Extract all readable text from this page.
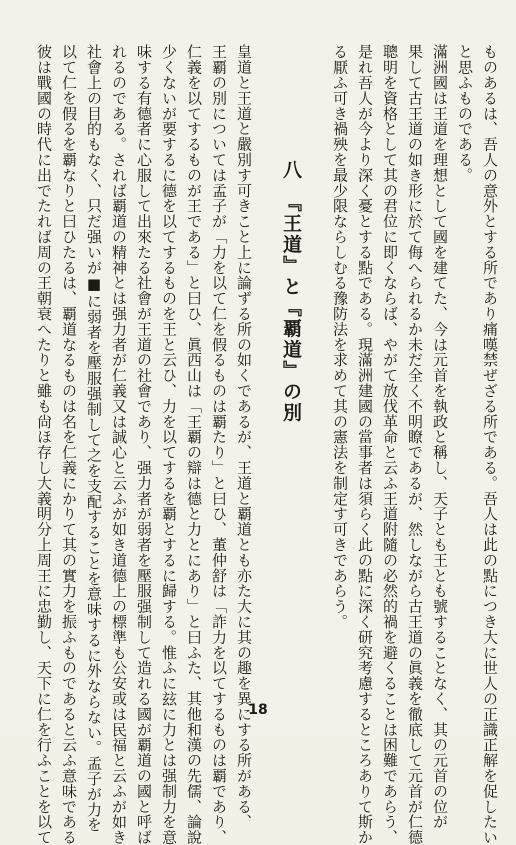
ものあるは、吾人の意外とする所であり痛嘆禁ぜざる所である。吾人は此の點につき大に世人の正識正解を促したい
と思ふものである。
滿洲國は王道を理想として國を建てた、今は元首を執政と稱し、天子とも王とも號することなく、其の元首の位が
果して古王道の如き形に於て侮へられるか未だ全く不明瞭であるが、然しながら古王道の眞義を徹底して元首が仁德
聰明を資格として其の君位に即くならば、やがて放伐革命と云ふ王道附隨の必然的禍を避くることは困難であらう、
是れ吾人が今より深く憂とする點である。現滿洲建國の當事者は須らく此の點に深く研究考慮するところありて斯か
る厭ふ可き禍殃を最少限ならしむる豫防法を求めて其の憲法を制定す可きであらう。
八　『王道』と『覇道』の別
皇道と王道と嚴別す可きこと上に論ずる所の如くであるが、王道と覇道とも亦た大に其の趣を異にする所がある、
王覇の別については孟子が「力を以て仁を假るものは覇たり」と曰ひ、董仲舒は「詐力を以てするものは覇であり、
仁義を以てするものが王である」と曰ひ、眞西山は「王覇の辯は德と力とにあり」と曰ふた、其他和漢の先儒、論說
少くないが要するに德を以てするものを王と云ひ、力を以てするを覇とするに歸する。惟ふに玆に力とは强制力を意
味する有德者に心服して出來たる社會が王道の社會であり、强力者が弱者を壓服强制して造れる國が覇道の國と呼ば
れるのである。されば覇道の精神とは强力者が仁義又は誠心と云ふが如き道德上の標準も公安或は民福と云ふが如き
社會上の目的もなく、只だ强いが■に弱者を壓服强制して之を支配することを意味するに外ならない。孟子が力を
以て仁を假るを覇なりと曰ひたるは、覇道なるものは名を仁義にかりて其の實力を振ふものであると云ふ意味である
彼は戰國の時代に出でたれば周の王朝衰へたりと雖も尙ほ存し大義明分上周王に忠勤し、天下に仁を行ふことを以て	18
